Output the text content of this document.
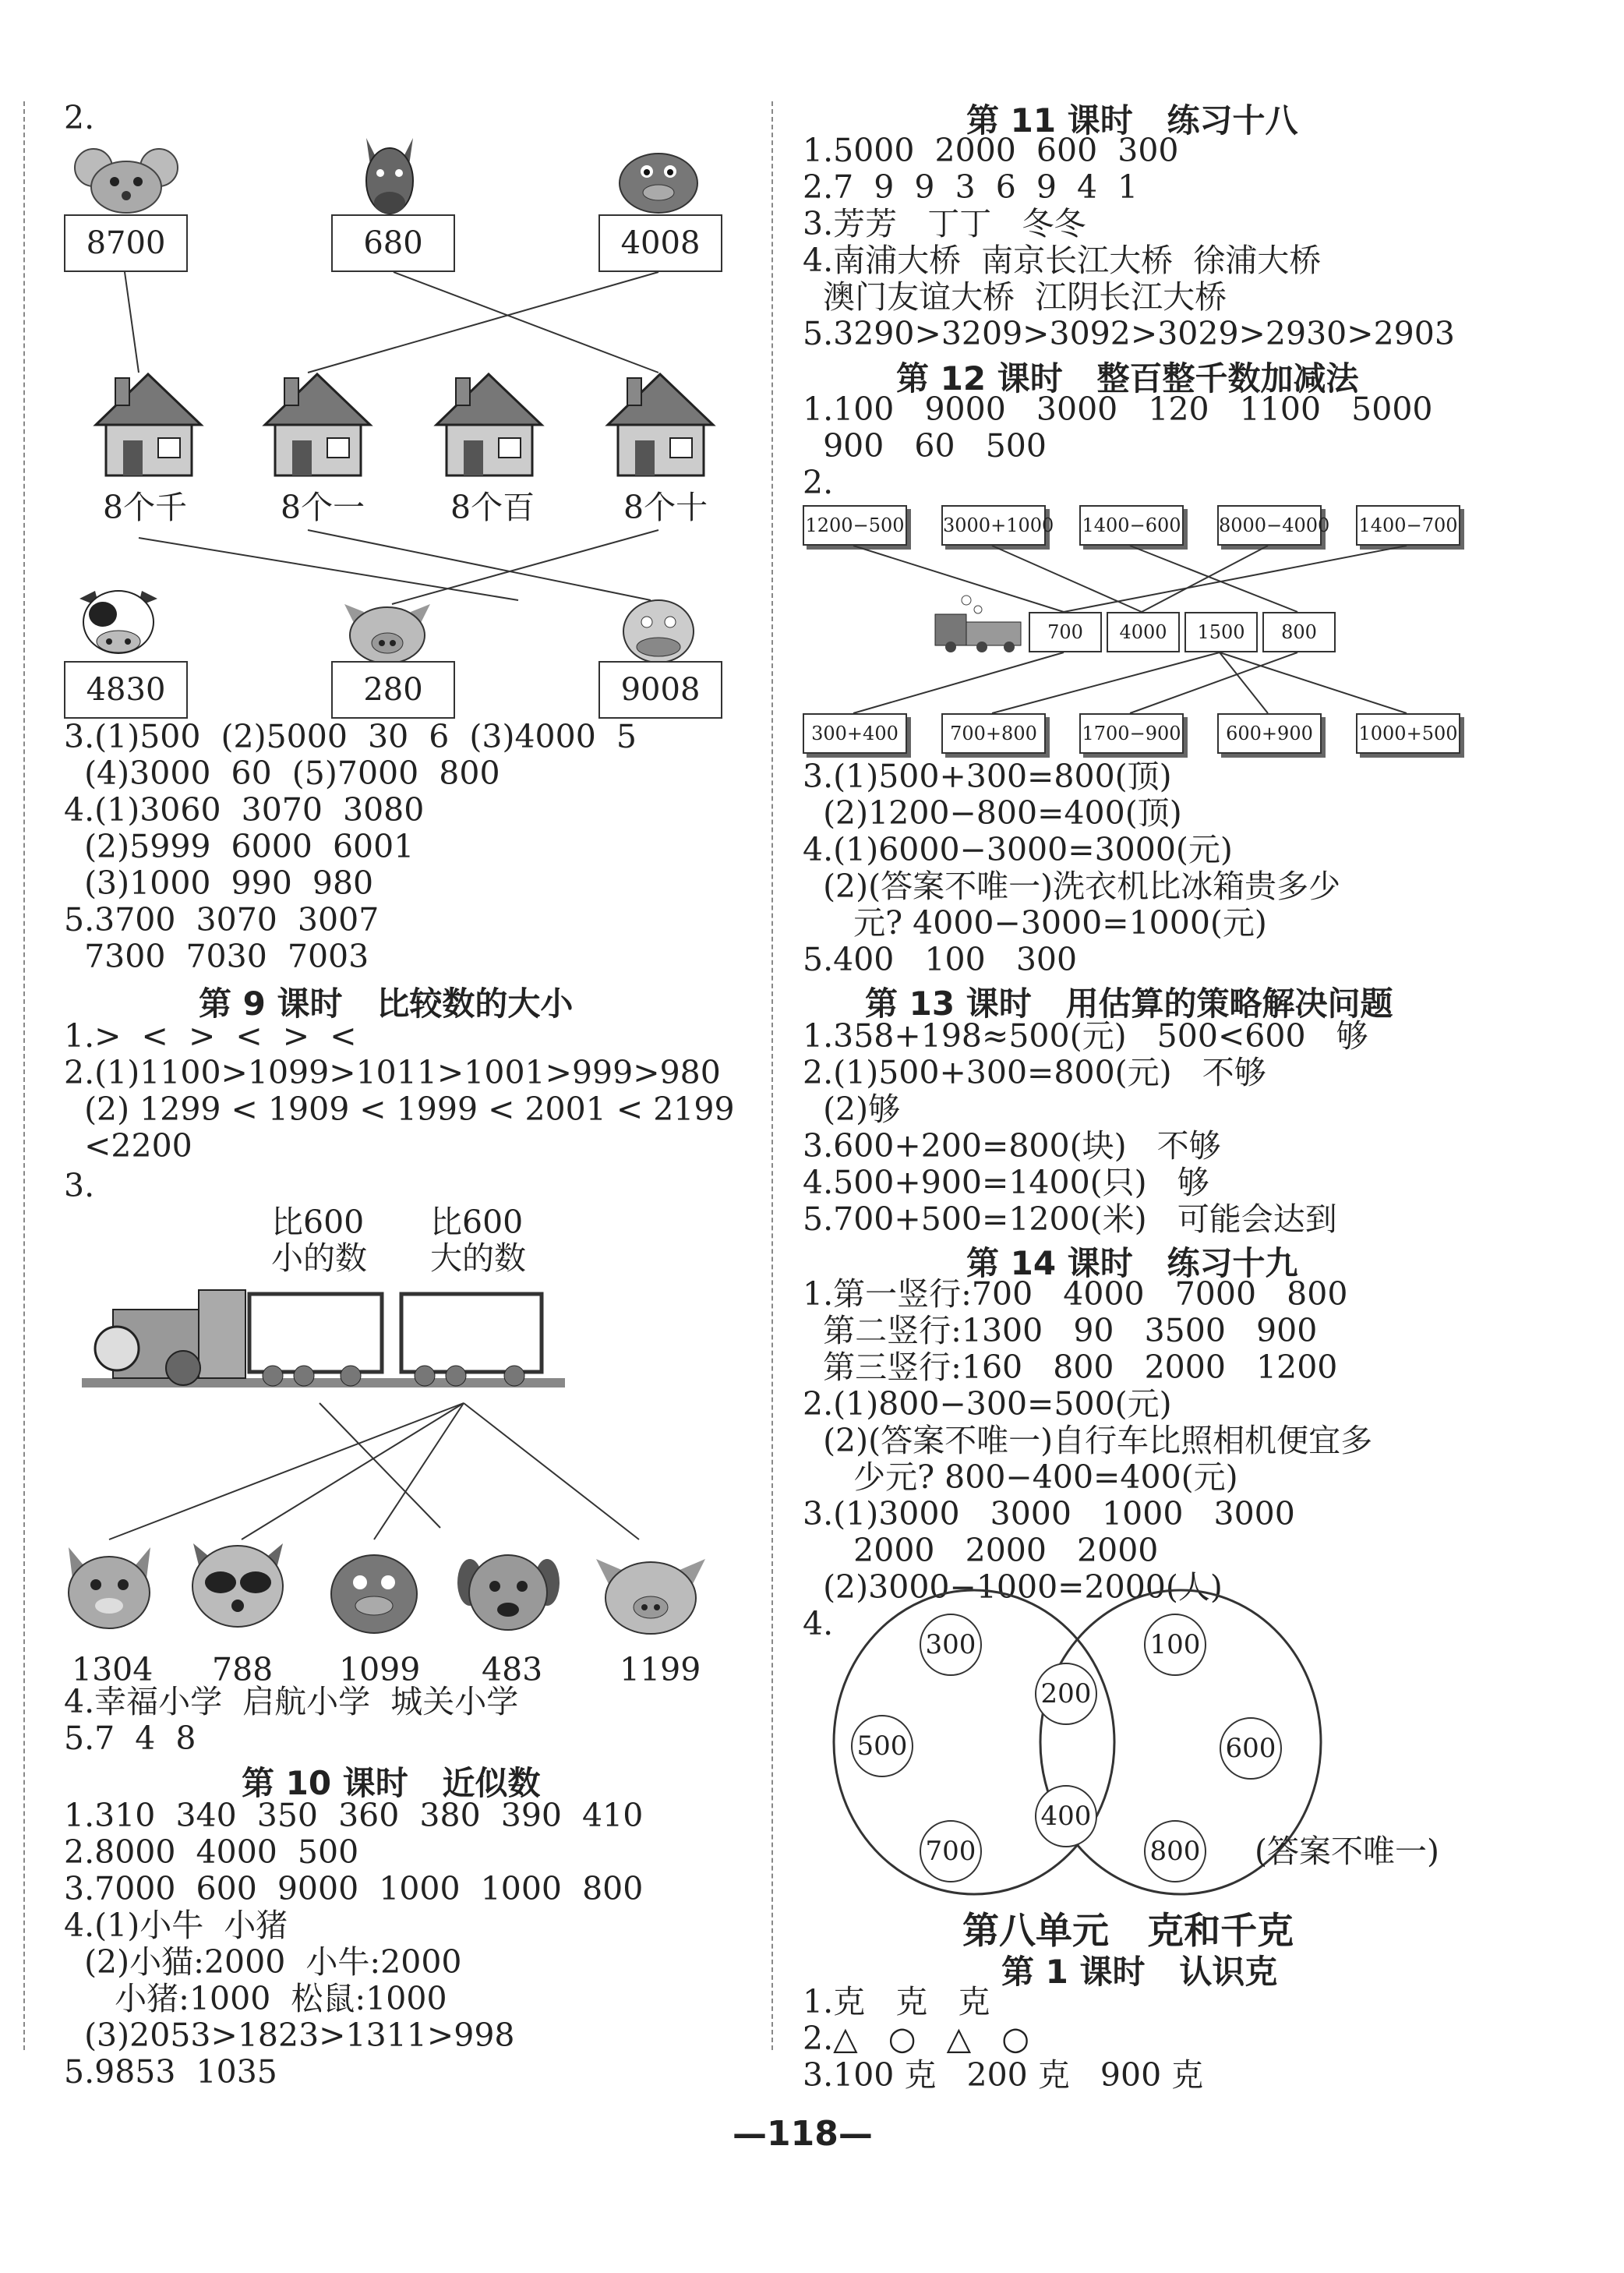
2.
8700	680	4008
8个千	8个一	8个百	8个十
4830	280	9008
3.(1)500  (2)5000  30  6  (3)4000  5
(4)3000  60  (5)7000  800
4.(1)3060  3070  3080
(2)5999  6000  6001
(3)1000  990  980
5.3700  3070  3007
7300  7030  7003
第 9 课时   比较数的大小
1.>  <  >  <  >  <
2.(1)1100>1099>1011>1001>999>980
(2) 1299 < 1909 < 1999 < 2001 < 2199
<2200
3.
比600
小的数
比600
大的数
1304 788 1099 483 1199
4.幸福小学  启航小学  城关小学
5.7  4  8
第 10 课时   近似数
1.310  340  350  360  380  390  410
2.8000  4000  500
3.7000  600  9000  1000  1000  800
4.(1)小牛  小猪
(2)小猫:2000  小牛:2000
小猪:1000  松鼠:1000
(3)2053>1823>1311>998
5.9853  1035
第 11 课时   练习十八
1.5000  2000  600  300
2.7  9  9  3  6  9  4  1
3.芳芳   丁丁   冬冬
4.南浦大桥  南京长江大桥  徐浦大桥
澳门友谊大桥  江阴长江大桥
5.3290>3209>3092>3029>2930>2903
第 12 课时   整百整千数加减法
1.100   9000   3000   120   1100   5000
900   60   500
2.
1200−500 3000+1000 1400−600 8000−4000 1400−700
700	4000	1500	800
300+400	700+800	1700−900	600+900	1000+500
3.(1)500+300=800(顶)
(2)1200−800=400(顶)
4.(1)6000−3000=3000(元)
(2)(答案不唯一)洗衣机比冰箱贵多少
元? 4000−3000=1000(元)
5.400   100   300
第 13 课时   用估算的策略解决问题
1.358+198≈500(元)   500<600   够
2.(1)500+300=800(元)   不够
(2)够
3.600+200=800(块)   不够
4.500+900=1400(只)   够
5.700+500=1200(米)   可能会达到
第 14 课时   练习十九
1.第一竖行:700   4000   7000   800
第二竖行:1300   90   3500   900
第三竖行:160   800   2000   1200
2.(1)800−300=500(元)
(2)(答案不唯一)自行车比照相机便宜多
少元? 800−400=400(元)
3.(1)3000   3000   1000   3000
2000   2000   2000
(2)3000−1000=2000(人)
4.
300	100
200
500	600
400
700	800 (答案不唯一)
第八单元   克和千克
第 1 课时   认识克
1.克   克   克
2.△   ○   △   ○
3.100 克   200 克   900 克
—118—
